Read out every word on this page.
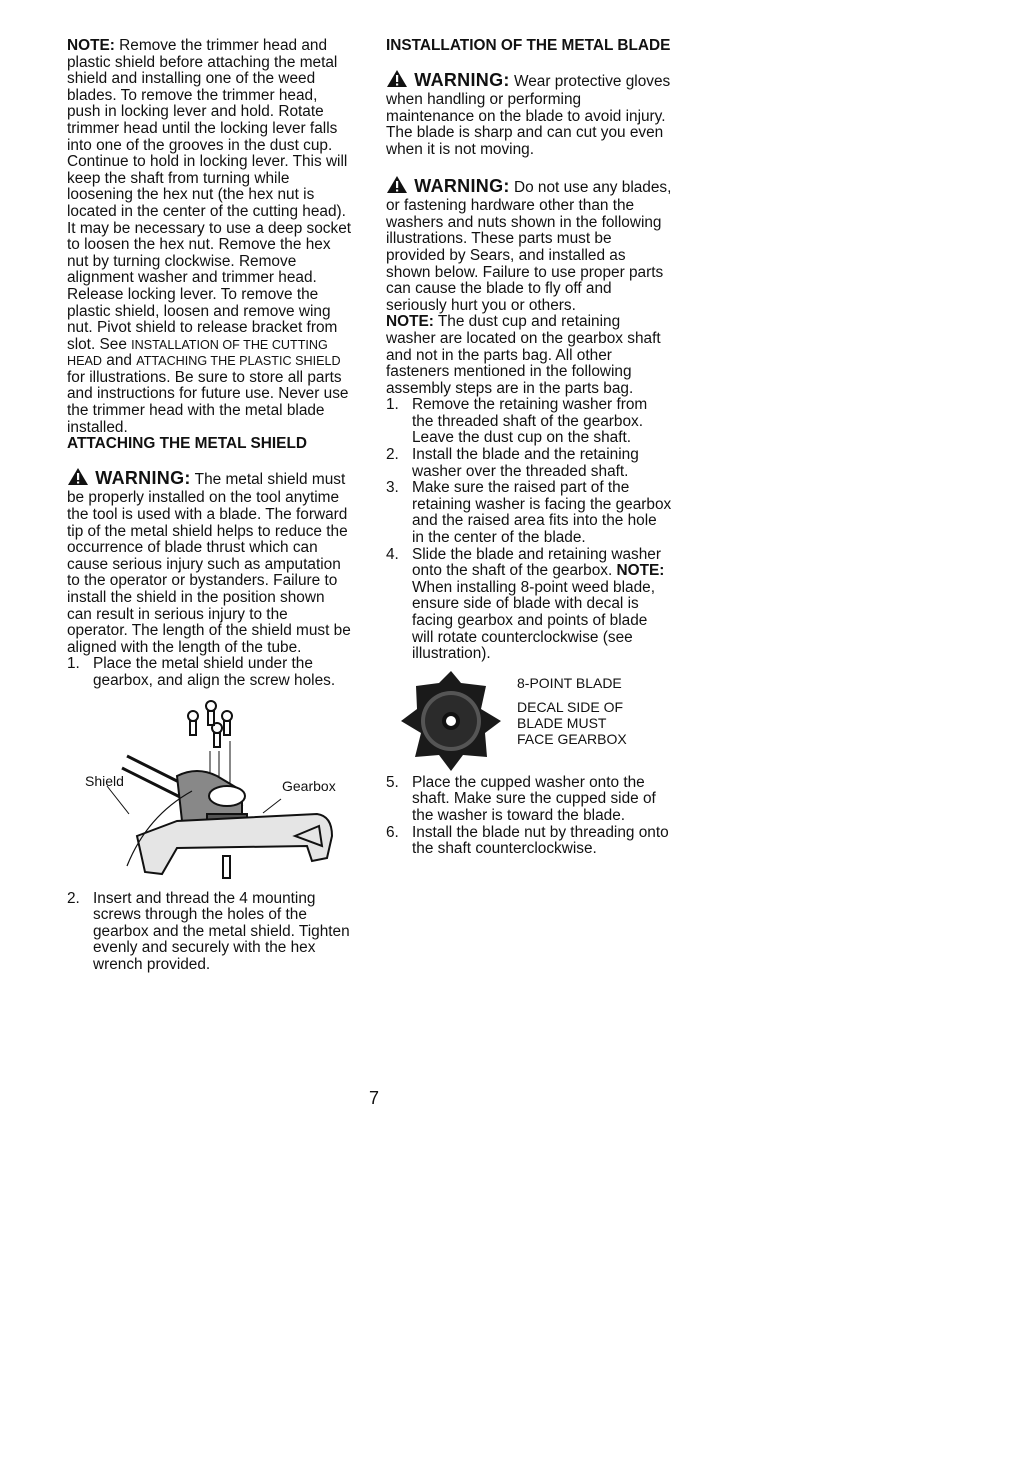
NOTE: Remove the trimmer head and plastic shield before attaching the metal shield and installing one of the weed blades. To remove the trimmer head, push in locking lever and hold. Rotate trimmer head until the locking lever falls into one of the grooves in the dust cup. Continue to hold in locking lever. This will keep the shaft from turning while loosening the hex nut (the hex nut is located in the center of the cutting head). It may be necessary to use a deep socket to loosen the hex nut. Remove the hex nut by turning clockwise. Remove alignment washer and trimmer head. Release locking lever. To remove the plastic shield, loosen and remove wing nut. Pivot shield to release bracket from slot. See INSTALLATION OF THE CUTTING HEAD and ATTACHING THE PLASTIC SHIELD for illustrations. Be sure to store all parts and instructions for future use. Never use the trimmer head with the metal blade installed.

ATTACHING THE METAL SHIELD

WARNING: The metal shield must be properly installed on the tool anytime the tool is used with a blade. The forward tip of the metal shield helps to reduce the occurrence of blade thrust which can cause serious injury such as amputation to the operator or bystanders. Failure to install the shield in the position shown can result in serious injury to the operator. The length of the shield must be aligned with the length of the tube.

1. Place the metal shield under the gearbox, and align the screw holes.
Shield	Gearbox
2. Insert and thread the 4 mounting screws through the holes of the gearbox and the metal shield. Tighten evenly and securely with the hex wrench provided.

INSTALLATION OF THE METAL BLADE

WARNING: Wear protective gloves when handling or performing maintenance on the blade to avoid injury. The blade is sharp and can cut you even when it is not moving.

WARNING: Do not use any blades, or fastening hardware other than the washers and nuts shown in the following illustrations. These parts must be provided by Sears, and installed as shown below. Failure to use proper parts can cause the blade to fly off and seriously hurt you or others.

NOTE: The dust cup and retaining washer are located on the gearbox shaft and not in the parts bag. All other fasteners mentioned in the following assembly steps are in the parts bag.

1. Remove the retaining washer from the threaded shaft of the gearbox. Leave the dust cup on the shaft.
2. Install the blade and the retaining washer over the threaded shaft.
3. Make sure the raised part of the retaining washer is facing the gearbox and the raised area fits into the hole in the center of the blade.
4. Slide the blade and retaining washer onto the shaft of the gearbox. NOTE: When installing 8-point weed blade, ensure side of blade with decal is facing gearbox and points of blade will rotate counterclockwise (see illustration).
8-POINT BLADE
DECAL SIDE OF
BLADE MUST
FACE GEARBOX
5. Place the cupped washer onto the shaft. Make sure the cupped side of the washer is toward the blade.
6. Install the blade nut by threading onto the shaft counterclockwise.
7
